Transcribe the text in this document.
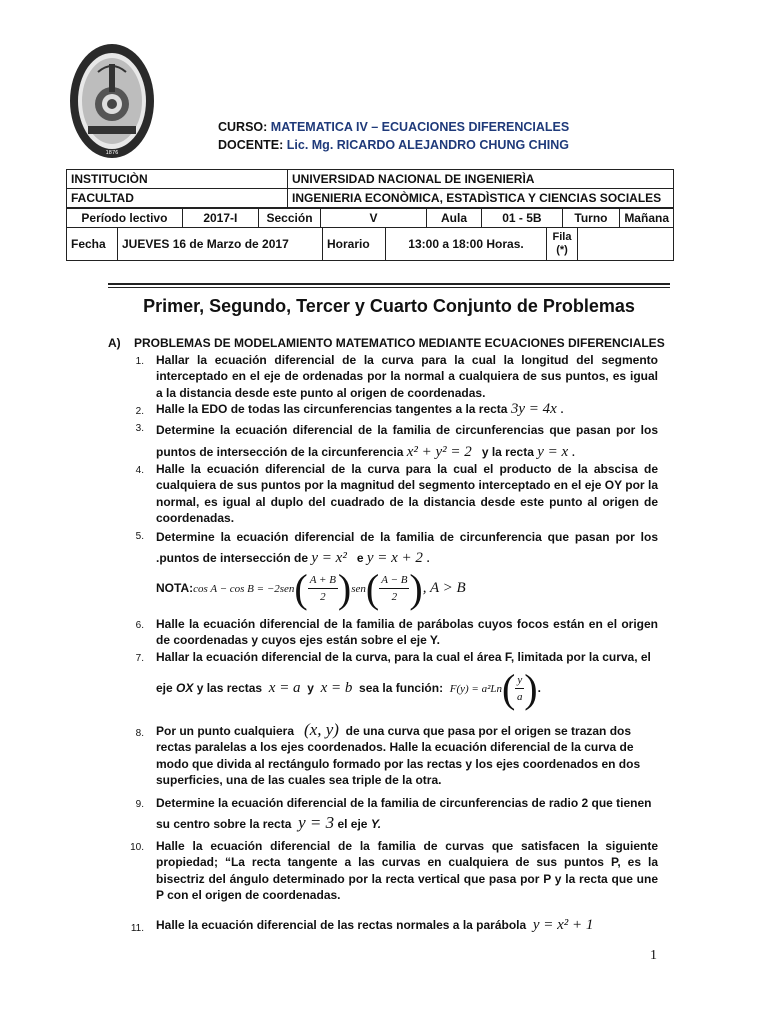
1876
CURSO: MATEMATICA IV – ECUACIONES DIFERENCIALES
DOCENTE: Lic. Mg. RICARDO ALEJANDRO CHUNG CHING
INSTITUCIÒN	UNIVERSIDAD NACIONAL DE INGENIERÌA
FACULTAD	INGENIERIA ECONÒMICA, ESTADÌSTICA Y CIENCIAS SOCIALES
Período lectivo	2017-I	Sección	V	Aula	01 - 5B	Turno	Mañana
Fecha	JUEVES 16 de Marzo de 2017	Horario	13:00 a 18:00 Horas.	Fila (*)	
Primer, Segundo, Tercer y Cuarto Conjunto de Problemas
A) PROBLEMAS DE MODELAMIENTO MATEMATICO MEDIANTE ECUACIONES DIFERENCIALES
1. Hallar la ecuación diferencial de la curva para la cual la longitud del segmento interceptado en el eje de ordenadas por la normal a cualquiera de sus puntos, es igual a la distancia desde este punto al origen de coordenadas.
2. Halle la EDO de todas las circunferencias tangentes a la recta 3y = 4x .
3. Determine la ecuación diferencial de la familia de circunferencias que pasan por los puntos de intersección de la circunferencia x² + y² = 2 y la recta y = x .
4. Halle la ecuación diferencial de la curva para la cual el producto de la abscisa de cualquiera de sus puntos por la magnitud del segmento interceptado en el eje OY por la normal, es igual al duplo del cuadrado de la distancia desde este punto al origen de coordenadas.
5. Determine la ecuación diferencial de la familia de circunferencia que pasan por los .puntos de intersección de y = x² e y = x + 2 .
NOTA:cos $A - \cos B = -2sen( \frac{A + B}{2} )sen( \frac{A - B}{2}$ ), A > B
6. Halle la ecuación diferencial de la familia de parábolas cuyos focos están en el origen de coordenadas y cuyos ejes están sobre el eje Y.
7. Hallar la ecuación diferencial de la curva, para la cual el área F, limitada por la curva, el
eje OX y las rectas x = a y x = b sea la función: $F(y) = a^2Ln( \frac{y}{a}$ ).
8. Por un punto cualquiera (x, y) de una curva que pasa por el origen se trazan dos rectas paralelas a los ejes coordenados. Halle la ecuación diferencial de la curva de modo que divida al rectángulo formado por las rectas y los ejes coordenados en dos superficies, una de las cuales sea triple de la otra.
9. Determine la ecuación diferencial de la familia de circunferencias de radio 2 que tienen
su centro sobre la recta y = 3 el eje Y.
10. Halle la ecuación diferencial de la familia de curvas que satisfacen la siguiente propiedad; “La recta tangente a las curvas en cualquiera de sus puntos P, es la bisectriz del ángulo determinado por la recta vertical que pasa por P y la recta que une P con el origen de coordenadas.
11. Halle la ecuación diferencial de las rectas normales a la parábola y = x² + 1
1
